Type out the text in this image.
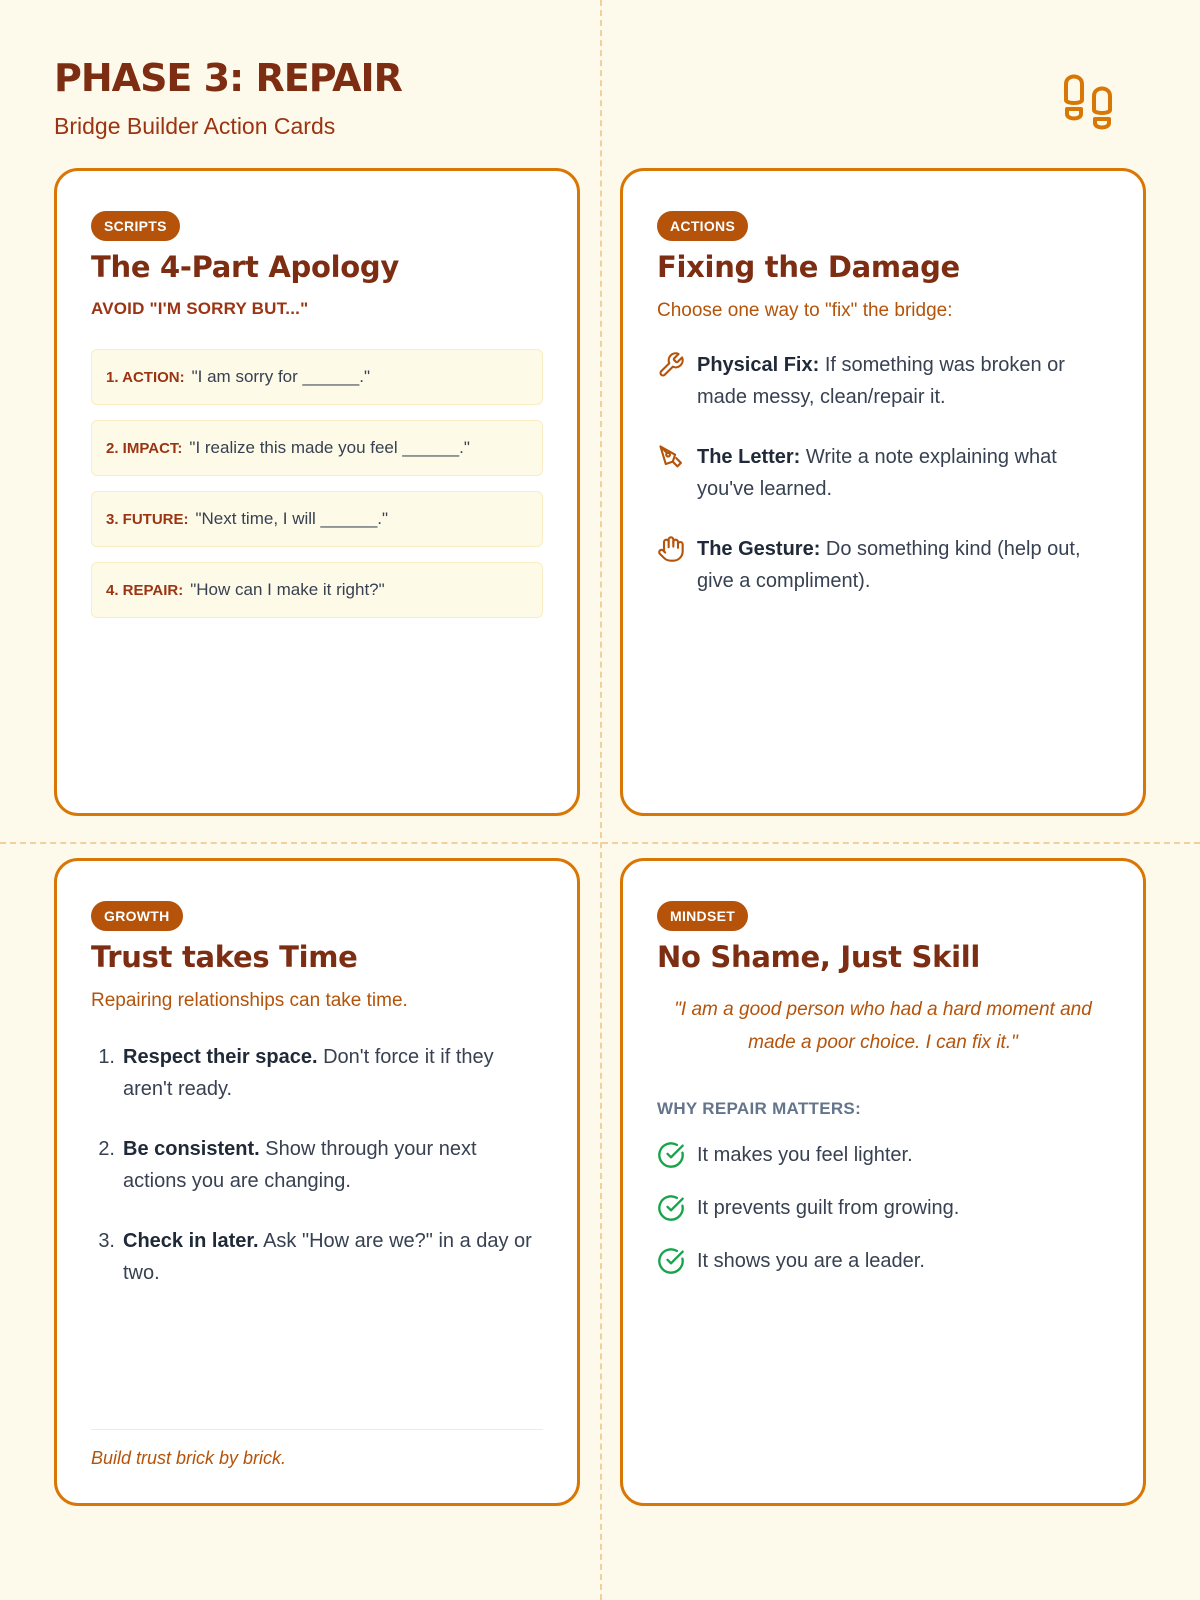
PHASE 3: REPAIR
Bridge Builder Action Cards
SCRIPTS
The 4-Part Apology
AVOID "I'M SORRY BUT..."
1. ACTION: "I am sorry for ______."
2. IMPACT: "I realize this made you feel ______."
3. FUTURE: "Next time, I will ______."
4. REPAIR: "How can I make it right?"
ACTIONS
Fixing the Damage
Choose one way to "fix" the bridge:
Physical Fix: If something was broken or made messy, clean/repair it.
The Letter: Write a note explaining what you've learned.
The Gesture: Do something kind (help out, give a compliment).
GROWTH
Trust takes Time
Repairing relationships can take time.
1. Respect their space. Don't force it if they aren't ready.
2. Be consistent. Show through your next actions you are changing.
3. Check in later. Ask "How are we?" in a day or two.
Build trust brick by brick.
MINDSET
No Shame, Just Skill
"I am a good person who had a hard moment and made a poor choice. I can fix it."
WHY REPAIR MATTERS:
It makes you feel lighter.
It prevents guilt from growing.
It shows you are a leader.
